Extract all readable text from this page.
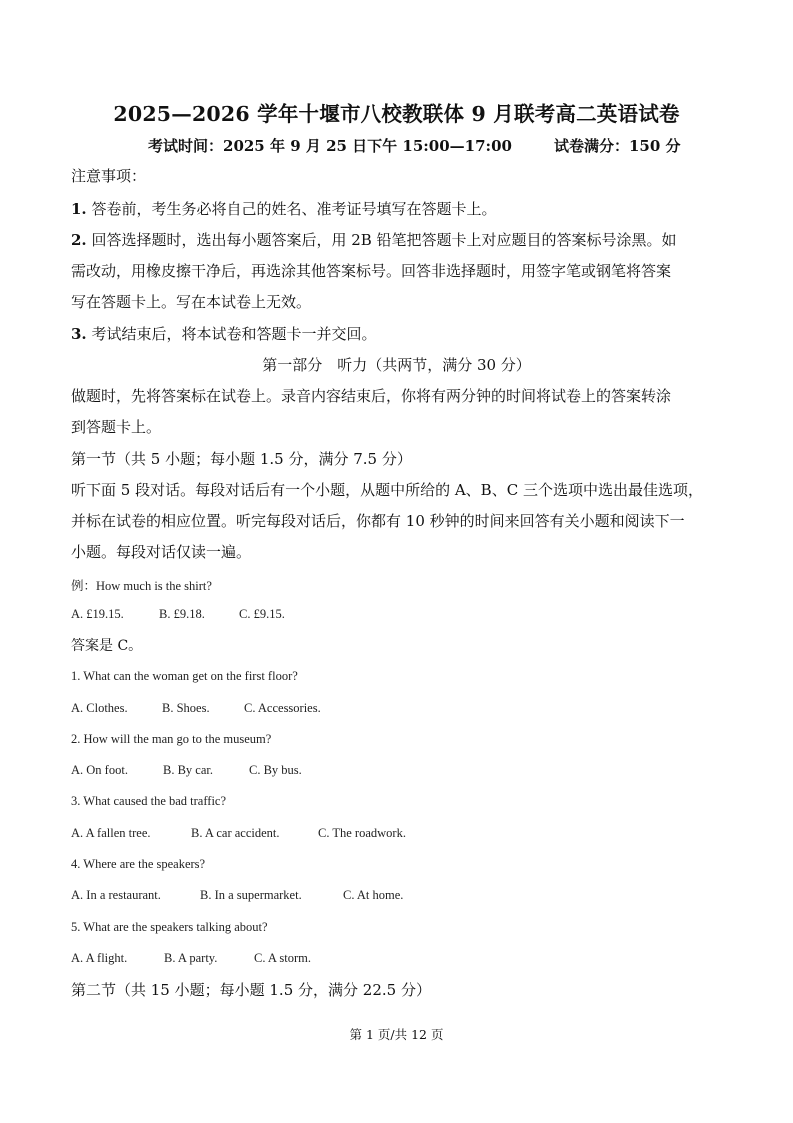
2025—2026 学年十堰市八校教联体 9 月联考高二英语试卷
考试时间：2025 年 9 月 25 日下午 15:00—17:00	试卷满分：150 分
注意事项：
1. 答卷前，考生务必将自己的姓名、准考证号填写在答题卡上。
2. 回答选择题时，选出每小题答案后，用 2B 铅笔把答题卡上对应题目的答案标号涂黑。如
需改动，用橡皮擦干净后，再选涂其他答案标号。回答非选择题时，用签字笔或钢笔将答案
写在答题卡上。写在本试卷上无效。
3. 考试结束后，将本试卷和答题卡一并交回。
第一部分　听力（共两节，满分 30 分）
做题时，先将答案标在试卷上。录音内容结束后，你将有两分钟的时间将试卷上的答案转涂
到答题卡上。
第一节（共 5 小题；每小题 1.5 分，满分 7.5 分）
听下面 5 段对话。每段对话后有一个小题，从题中所给的 A、B、C 三个选项中选出最佳选项，
并标在试卷的相应位置。听完每段对话后，你都有 10 秒钟的时间来回答有关小题和阅读下一
小题。每段对话仅读一遍。
例：How much is the shirt?
A. £19.15.	B. £9.18.	C. £9.15.
答案是 C。
1. What can the woman get on the first floor?
A. Clothes.	B. Shoes.	C. Accessories.
2. How will the man go to the museum?
A. On foot.	B. By car.	C. By bus.
3. What caused the bad traffic?
A. A fallen tree.	B. A car accident.	C. The roadwork.
4. Where are the speakers?
A. In a restaurant.	B. In a supermarket.	C. At home.
5. What are the speakers talking about?
A. A flight.	B. A party.	C. A storm.
第二节（共 15 小题；每小题 1.5 分，满分 22.5 分）
第 1 页/共 12 页
